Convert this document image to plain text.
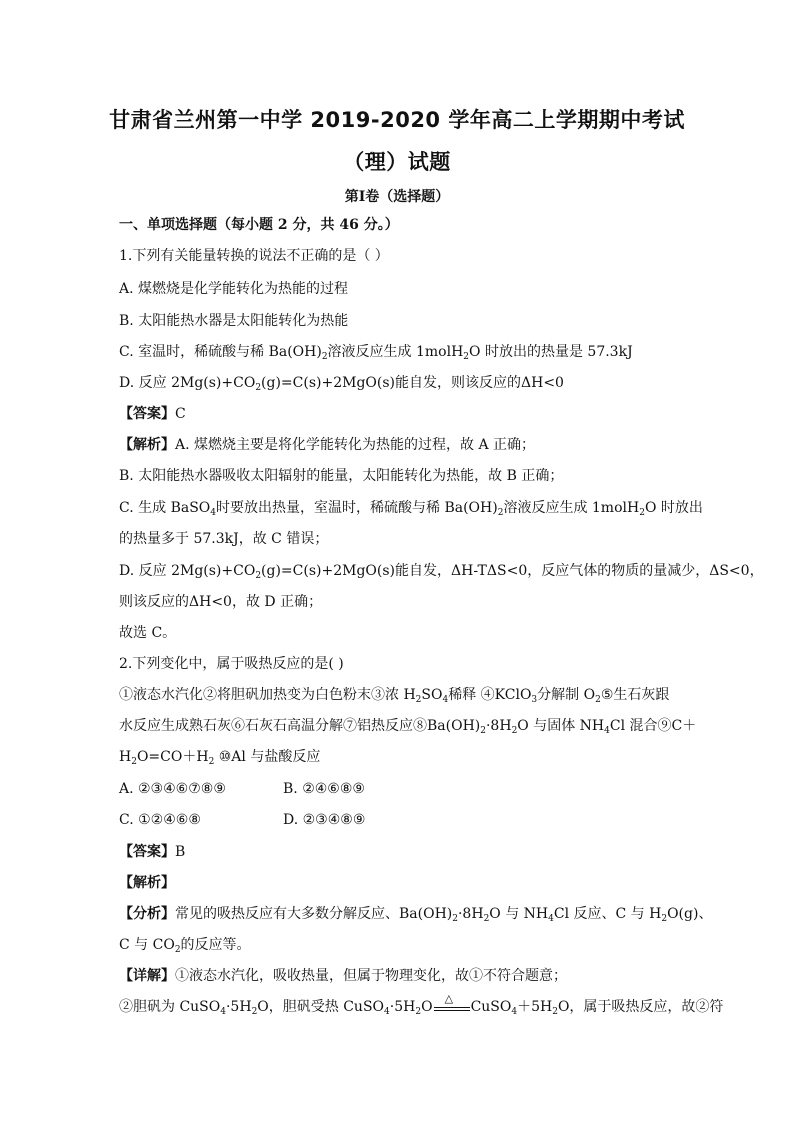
甘肃省兰州第一中学 2019-2020 学年高二上学期期中考试
（理）试题
第Ⅰ卷（选择题）
一、单项选择题（每小题 2 分，共 46 分。）
1.下列有关能量转换的说法不正确的是（ ）
A. 煤燃烧是化学能转化为热能的过程
B. 太阳能热水器是太阳能转化为热能
C. 室温时，稀硫酸与稀 $Ba(OH)_2$溶液反应生成 1molH$_2$O 时放出的热量是 57.3kJ
D. 反应 $2Mg(s)+CO_2(g)=C(s)+2MgO(s)$能自发，则该反应的ΔH<0
【答案】C
【解析】A. 煤燃烧主要是将化学能转化为热能的过程，故 A 正确；
B. 太阳能热水器吸收太阳辐射的能量，太阳能转化为热能，故 B 正确；
C. 生成 BaSO$_4$时要放出热量，室温时，稀硫酸与稀 $Ba(OH)_2$溶液反应生成 1molH$_2$O 时放出
的热量多于 57.3kJ，故 C 错误；
D. 反应 $2Mg(s)+CO_2(g)=C(s)+2MgO(s)$能自发，ΔH-TΔS<0，反应气体的物质的量减少，ΔS<0，
则该反应的ΔH<0，故 D 正确；
故选 C。
2.下列变化中，属于吸热反应的是( )
①液态水汽化②将胆矾加热变为白色粉末③浓 $H_2SO_4$稀释 ④KClO$_3$分解制 $O_2⑤$生石灰跟
水反应生成熟石灰⑥石灰石高温分解⑦铝热反应$⑧Ba(OH)_2\cdot 8H_2O$ 与固体 $NH_4Cl$ 混合⑨C＋
$H_2O=CO+H_2$ ⑩Al 与盐酸反应
A. ②③④⑥⑦⑧⑨	B. ②④⑥⑧⑨
C. ①②④⑥⑧	D. ②③④⑧⑨
【答案】B
【解析】
【分析】常见的吸热反应有大多数分解反应、$Ba(OH)_2\cdot 8H_2O$ 与 $NH_4Cl$ 反应、C 与 $H_2O(g)$、
C 与 $CO_2$的反应等。
【详解】①液态水汽化，吸收热量，但属于物理变化，故①不符合题意；
②胆矾为 $CuSO_4\cdot 5H_2O$，胆矾受热 $CuSO_4\cdot 5H_2O$
△
$CuSO_4+5H_2O$，属于吸热反应，故②符
